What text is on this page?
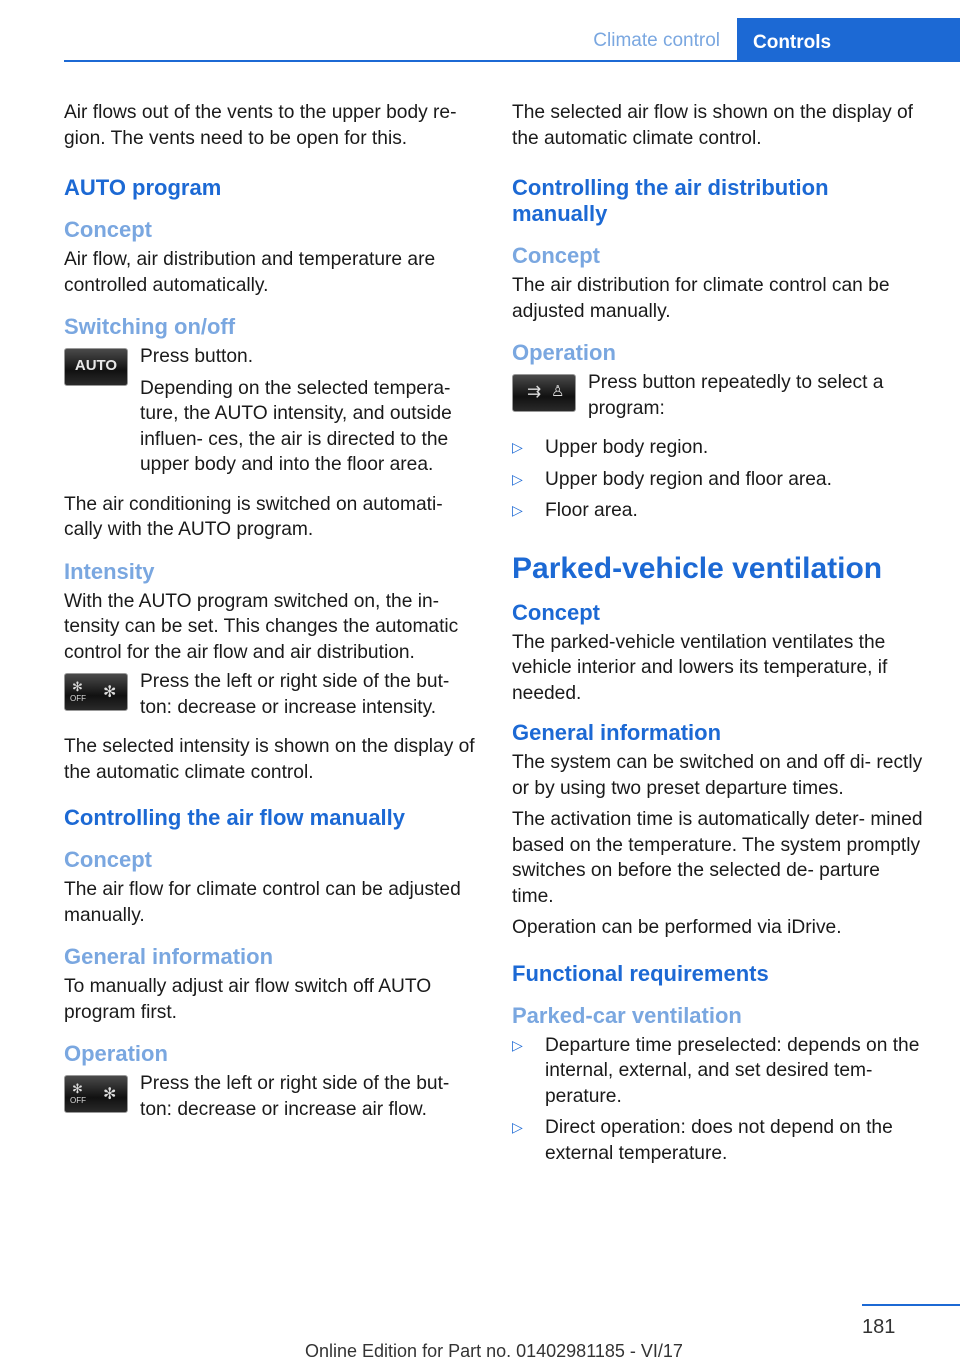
Climate control	Controls

Air flows out of the vents to the upper body re‐ gion. The vents need to be open for this.

AUTO program
Concept

Air flow, air distribution and temperature are controlled automatically.

Switching on/off
AUTO	Press button.

Depending on the selected tempera‐ ture, the AUTO intensity, and outside influen‐ ces, the air is directed to the upper body and into the floor area.

The air conditioning is switched on automati‐ cally with the AUTO program.

Intensity

With the AUTO program switched on, the in‐ tensity can be set. This changes the automatic control for the air flow and air distribution.

✻
OFF ✻

Press the left or right side of the but‐ ton: decrease or increase intensity.

The selected intensity is shown on the display of the automatic climate control.

Controlling the air flow manually
Concept

The air flow for climate control can be adjusted manually.

General information

To manually adjust air flow switch off AUTO program first.

Operation
✻
OFF ✻

Press the left or right side of the but‐ ton: decrease or increase air flow.

The selected air flow is shown on the display of the automatic climate control.

Controlling the air distribution manually
Concept

The air distribution for climate control can be adjusted manually.

Operation
⇉ ♙ Press button repeatedly to select a program:

▷	Upper body region.
▷	Upper body region and floor area.
▷	Floor area.
Parked-vehicle ventilation
Concept

The parked-vehicle ventilation ventilates the vehicle interior and lowers its temperature, if needed.

General information

The system can be switched on and off di‐ rectly or by using two preset departure times.

The activation time is automatically deter‐ mined based on the temperature. The system promptly switches on before the selected de‐ parture time.

Operation can be performed via iDrive.

Functional requirements
Parked-car ventilation
▷	Departure time preselected: depends on the internal, external, and set desired tem‐ perature.
▷	Direct operation: does not depend on the external temperature.
181
Online Edition for Part no. 01402981185 - VI/17
